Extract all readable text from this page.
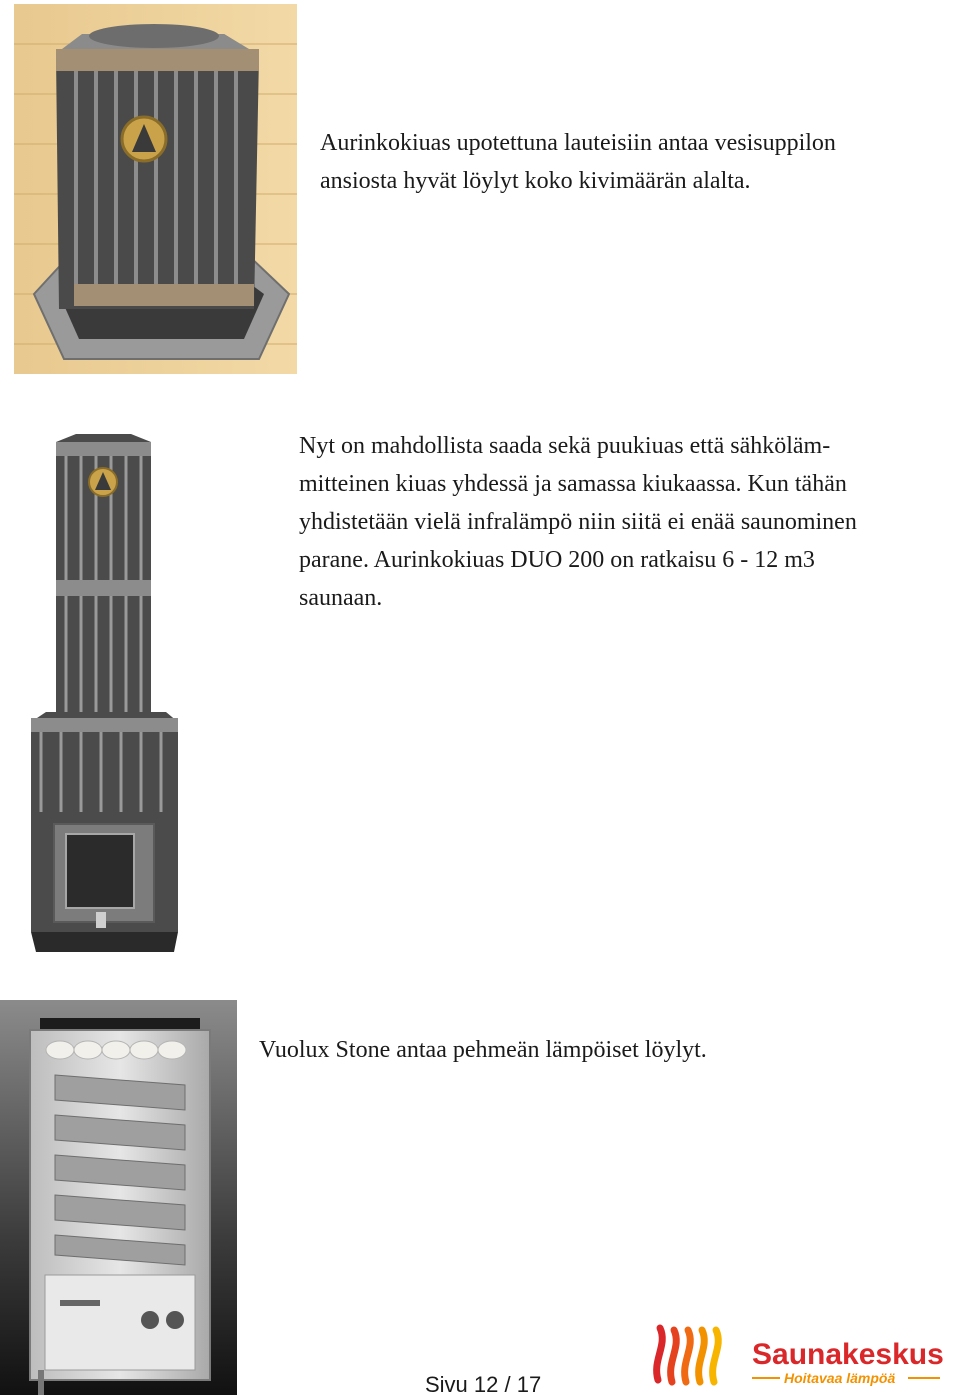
Aurinkokiuas upotettuna lauteisiin antaa vesisuppilon

ansiosta hyvät löylyt koko kivimäärän alalta.

Nyt on mahdollista saada sekä puukiuas että sähköläm-

mitteinen kiuas yhdessä ja samassa kiukaassa. Kun tähän

yhdistetään vielä infralämpö niin siitä ei enää saunominen

parane. Aurinkokiuas DUO 200 on ratkaisu 6 - 12 m3

saunaan.

Vuolux Stone antaa pehmeän lämpöiset löylyt.

Sivu 12 / 17
Saunakeskus
Hoitavaa lämpöä
